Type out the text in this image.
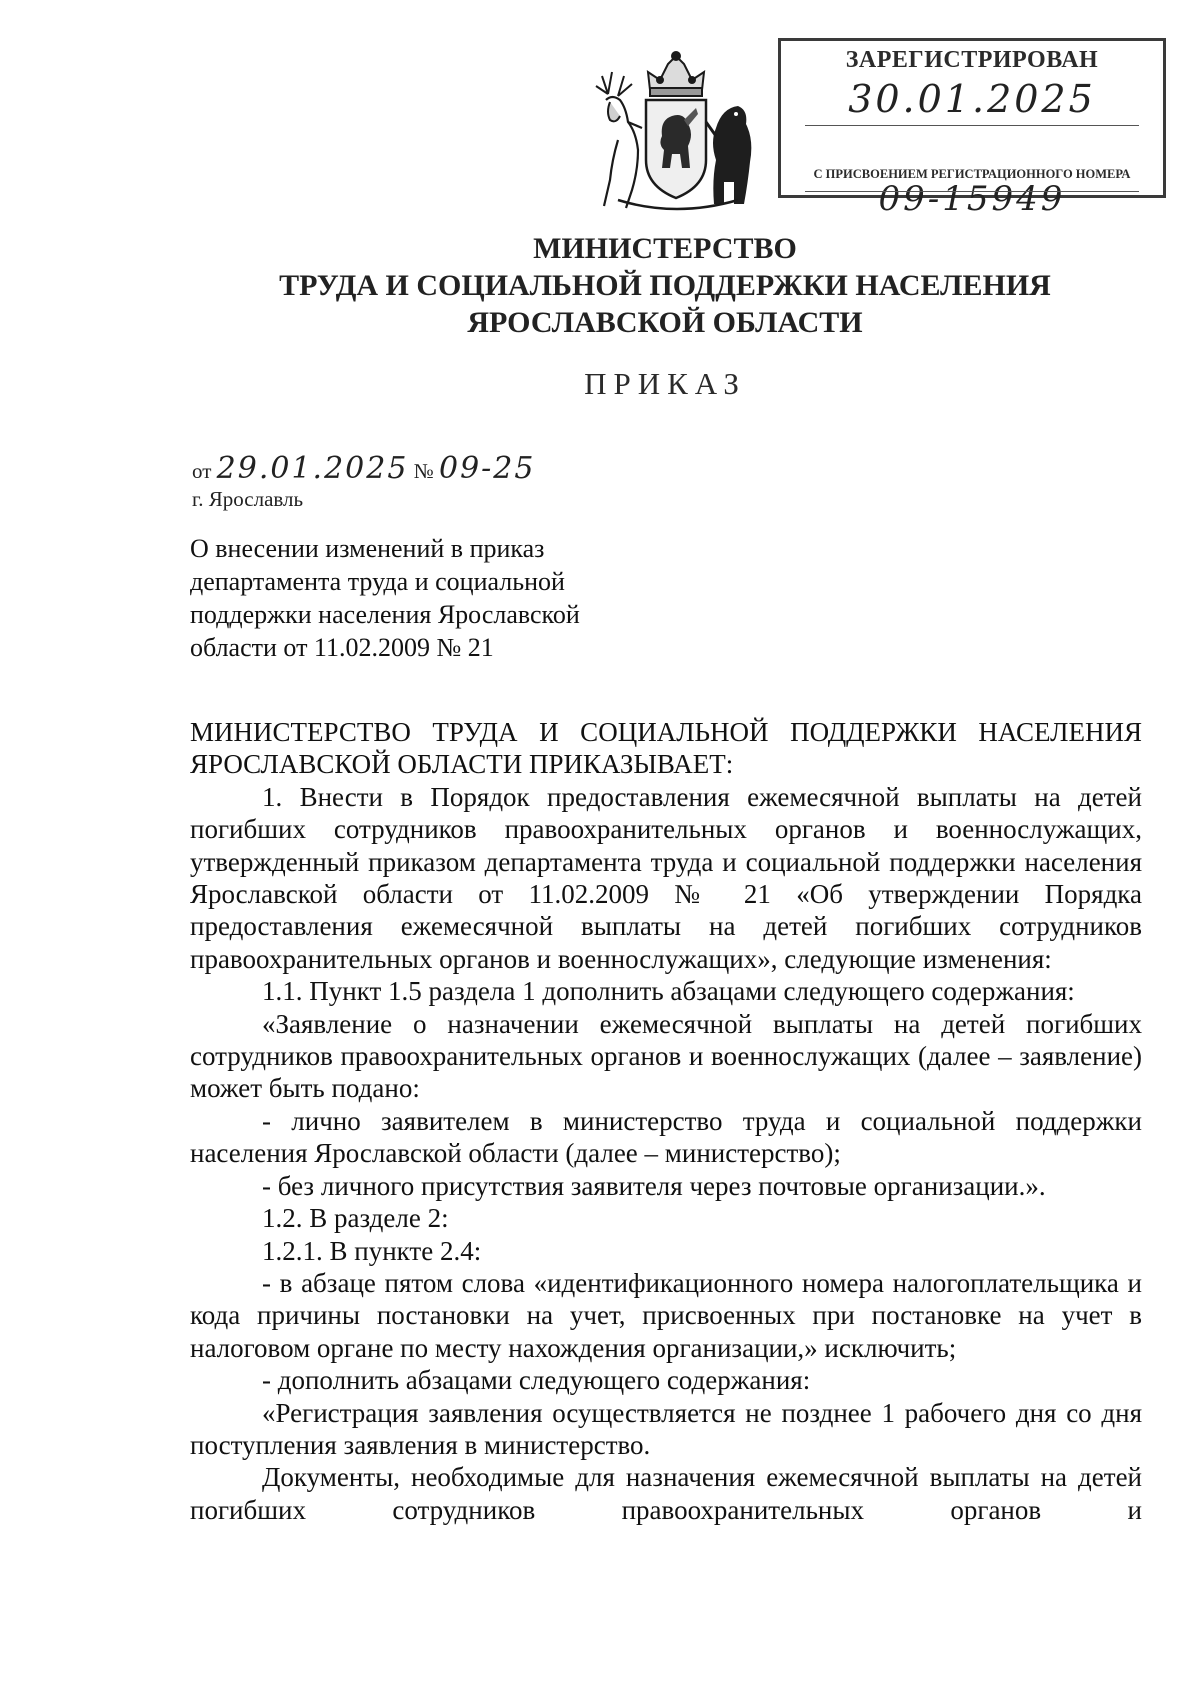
ЗАРЕГИСТРИРОВАН
30.01.2025
С ПРИСВОЕНИЕМ РЕГИСТРАЦИОННОГО НОМЕРА
09-15949
МИНИСТЕРСТВО
ТРУДА И СОЦИАЛЬНОЙ ПОДДЕРЖКИ НАСЕЛЕНИЯ
ЯРОСЛАВСКОЙ ОБЛАСТИ
ПРИКАЗ
от 29.01.2025 № 09-25
г. Ярославль
О внесении изменений в приказ
департамента труда и социальной
поддержки населения Ярославской
области от 11.02.2009 № 21

МИНИСТЕРСТВО ТРУДА И СОЦИАЛЬНОЙ ПОДДЕРЖКИ НАСЕЛЕНИЯ ЯРОСЛАВСКОЙ ОБЛАСТИ ПРИКАЗЫВАЕТ:

1. Внести в Порядок предоставления ежемесячной выплаты на детей погибших сотрудников правоохранительных органов и военнослужащих, утвержденный приказом департамента труда и социальной поддержки населения Ярославской области от 11.02.2009 № 21 «Об утверждении Порядка предоставления ежемесячной выплаты на детей погибших сотрудников правоохранительных органов и военнослужащих», следующие изменения:

1.1. Пункт 1.5 раздела 1 дополнить абзацами следующего содержания:

«Заявление о назначении ежемесячной выплаты на детей погибших сотрудников правоохранительных органов и военнослужащих (далее – заявление) может быть подано:

- лично заявителем в министерство труда и социальной поддержки населения Ярославской области (далее – министерство);

- без личного присутствия заявителя через почтовые организации.».

1.2. В разделе 2:

1.2.1. В пункте 2.4:

- в абзаце пятом слова «идентификационного номера налогоплательщика и кода причины постановки на учет, присвоенных при постановке на учет в налоговом органе по месту нахождения организации,» исключить;

- дополнить абзацами следующего содержания:

«Регистрация заявления осуществляется не позднее 1 рабочего дня со дня поступления заявления в министерство.

Документы, необходимые для назначения ежемесячной выплаты на детей погибших сотрудников правоохранительных органов и
